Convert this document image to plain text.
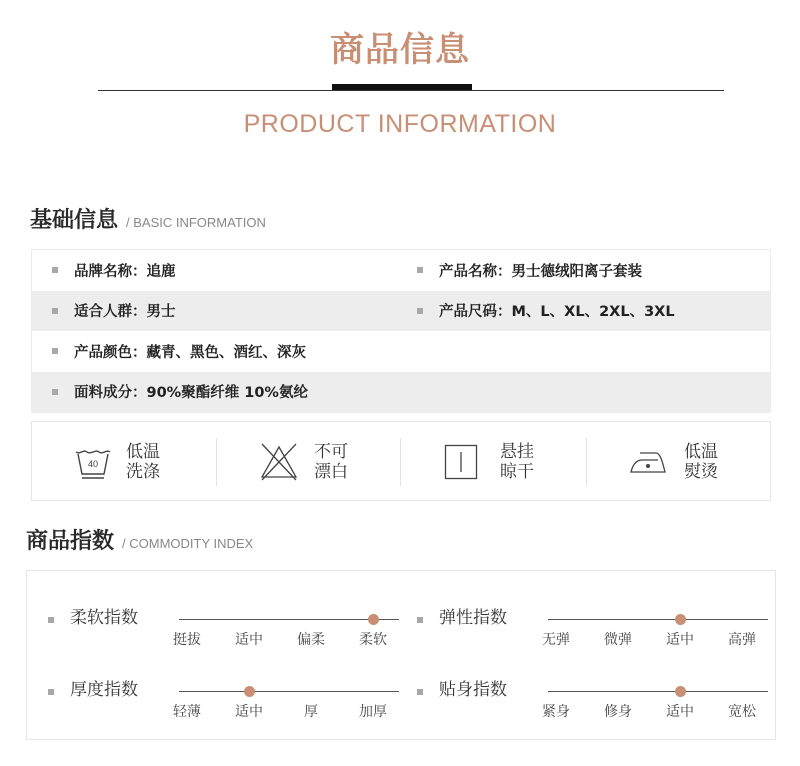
商品信息
PRODUCT INFORMATION
基础信息 / BASIC INFORMATION
品牌名称：追鹿	产品名称：男士德绒阳离子套装
适合人群：男士	产品尺码：M、L、XL、2XL、3XL
产品颜色：藏青、黑色、酒红、深灰
面料成分：90%聚酯纤维 10%氨纶
40
低温
洗涤
不可
漂白
悬挂
晾干
低温
熨烫
商品指数 / COMMODITY INDEX
柔软指数
挺拔	适中	偏柔	柔软
弹性指数
无弹	微弹	适中	高弹
厚度指数
轻薄	适中	厚	加厚
贴身指数
紧身	修身	适中	宽松
